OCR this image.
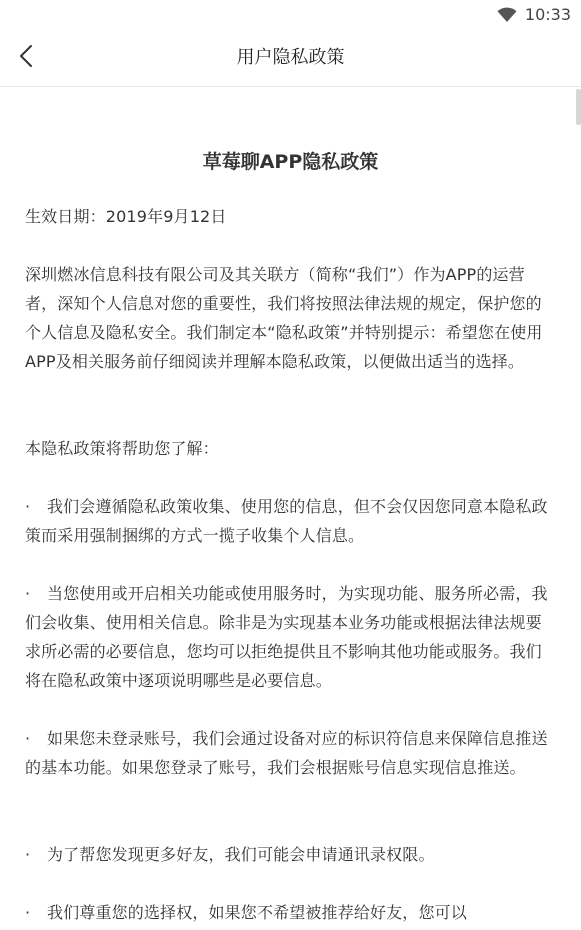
10:33
用户隐私政策
草莓聊APP隐私政策

生效日期：2019年9月12日

深圳燃冰信息科技有限公司及其关联方（简称“我们”）作为APP的运营者，深知个人信息对您的重要性，我们将按照法律法规的规定，保护您的个人信息及隐私安全。我们制定本“隐私政策”并特别提示：希望您在使用APP及相关服务前仔细阅读并理解本隐私政策，以便做出适当的选择。

本隐私政策将帮助您了解：

· 我们会遵循隐私政策收集、使用您的信息，但不会仅因您同意本隐私政策而采用强制捆绑的方式一揽子收集个人信息。

· 当您使用或开启相关功能或使用服务时，为实现功能、服务所必需，我们会收集、使用相关信息。除非是为实现基本业务功能或根据法律法规要求所必需的必要信息，您均可以拒绝提供且不影响其他功能或服务。我们将在隐私政策中逐项说明哪些是必要信息。

· 如果您未登录账号，我们会通过设备对应的标识符信息来保障信息推送的基本功能。如果您登录了账号，我们会根据账号信息实现信息推送。

· 为了帮您发现更多好友，我们可能会申请通讯录权限。

· 我们尊重您的选择权，如果您不希望被推荐给好友，您可以
